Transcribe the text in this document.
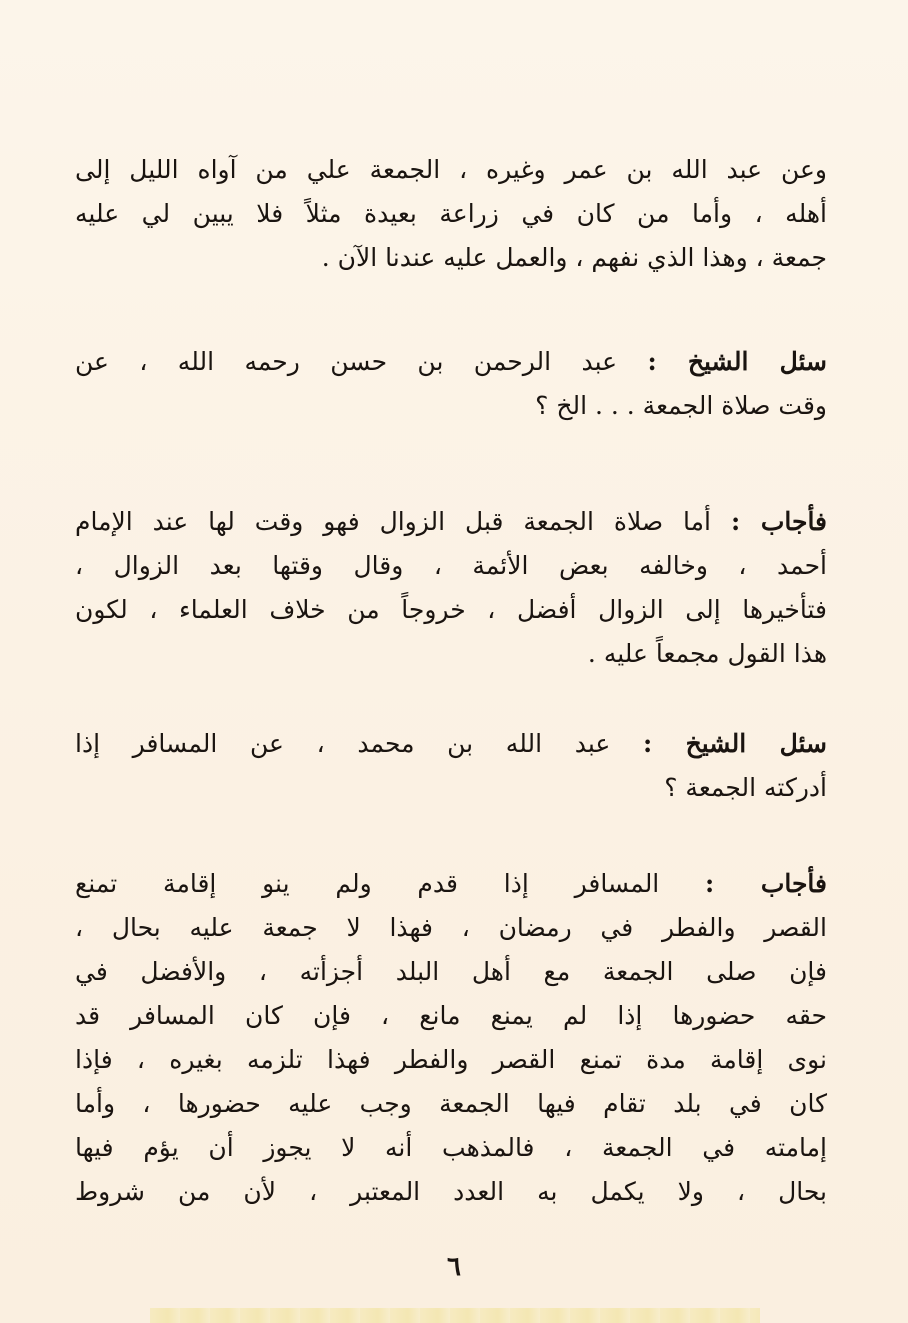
وعن عبد الله بن عمر وغيره ، الجمعة علي من آواه الليل إلى
أهله ، وأما من كان في زراعة بعيدة مثلاً فلا يبين لي عليه
جمعة ، وهذا الذي نفهم ، والعمل عليه عندنا الآن .
سئل الشيخ : عبد الرحمن بن حسن رحمه الله ، عن
وقت صلاة الجمعة . . . الخ ؟
فأجاب : أما صلاة الجمعة قبل الزوال فهو وقت لها عند الإمام
أحمد ، وخالفه بعض الأئمة ، وقال وقتها بعد الزوال ،
فتأخيرها إلى الزوال أفضل ، خروجاً من خلاف العلماء ، لكون
هذا القول مجمعاً عليه .
سئل الشيخ : عبد الله بن محمد ، عن المسافر إذا
أدركته الجمعة ؟
فأجاب : المسافر إذا قدم ولم ينو إقامة تمنع
القصر والفطر في رمضان ، فهذا لا جمعة عليه بحال ،
فإن صلى الجمعة مع أهل البلد أجزأته ، والأفضل في
حقه حضورها إذا لم يمنع مانع ، فإن كان المسافر قد
نوى إقامة مدة تمنع القصر والفطر فهذا تلزمه بغيره ، فإذا
كان في بلد تقام فيها الجمعة وجب عليه حضورها ، وأما
إمامته في الجمعة ، فالمذهب أنه لا يجوز أن يؤم فيها
بحال ، ولا يكمل به العدد المعتبر ، لأن من شروط
٦
